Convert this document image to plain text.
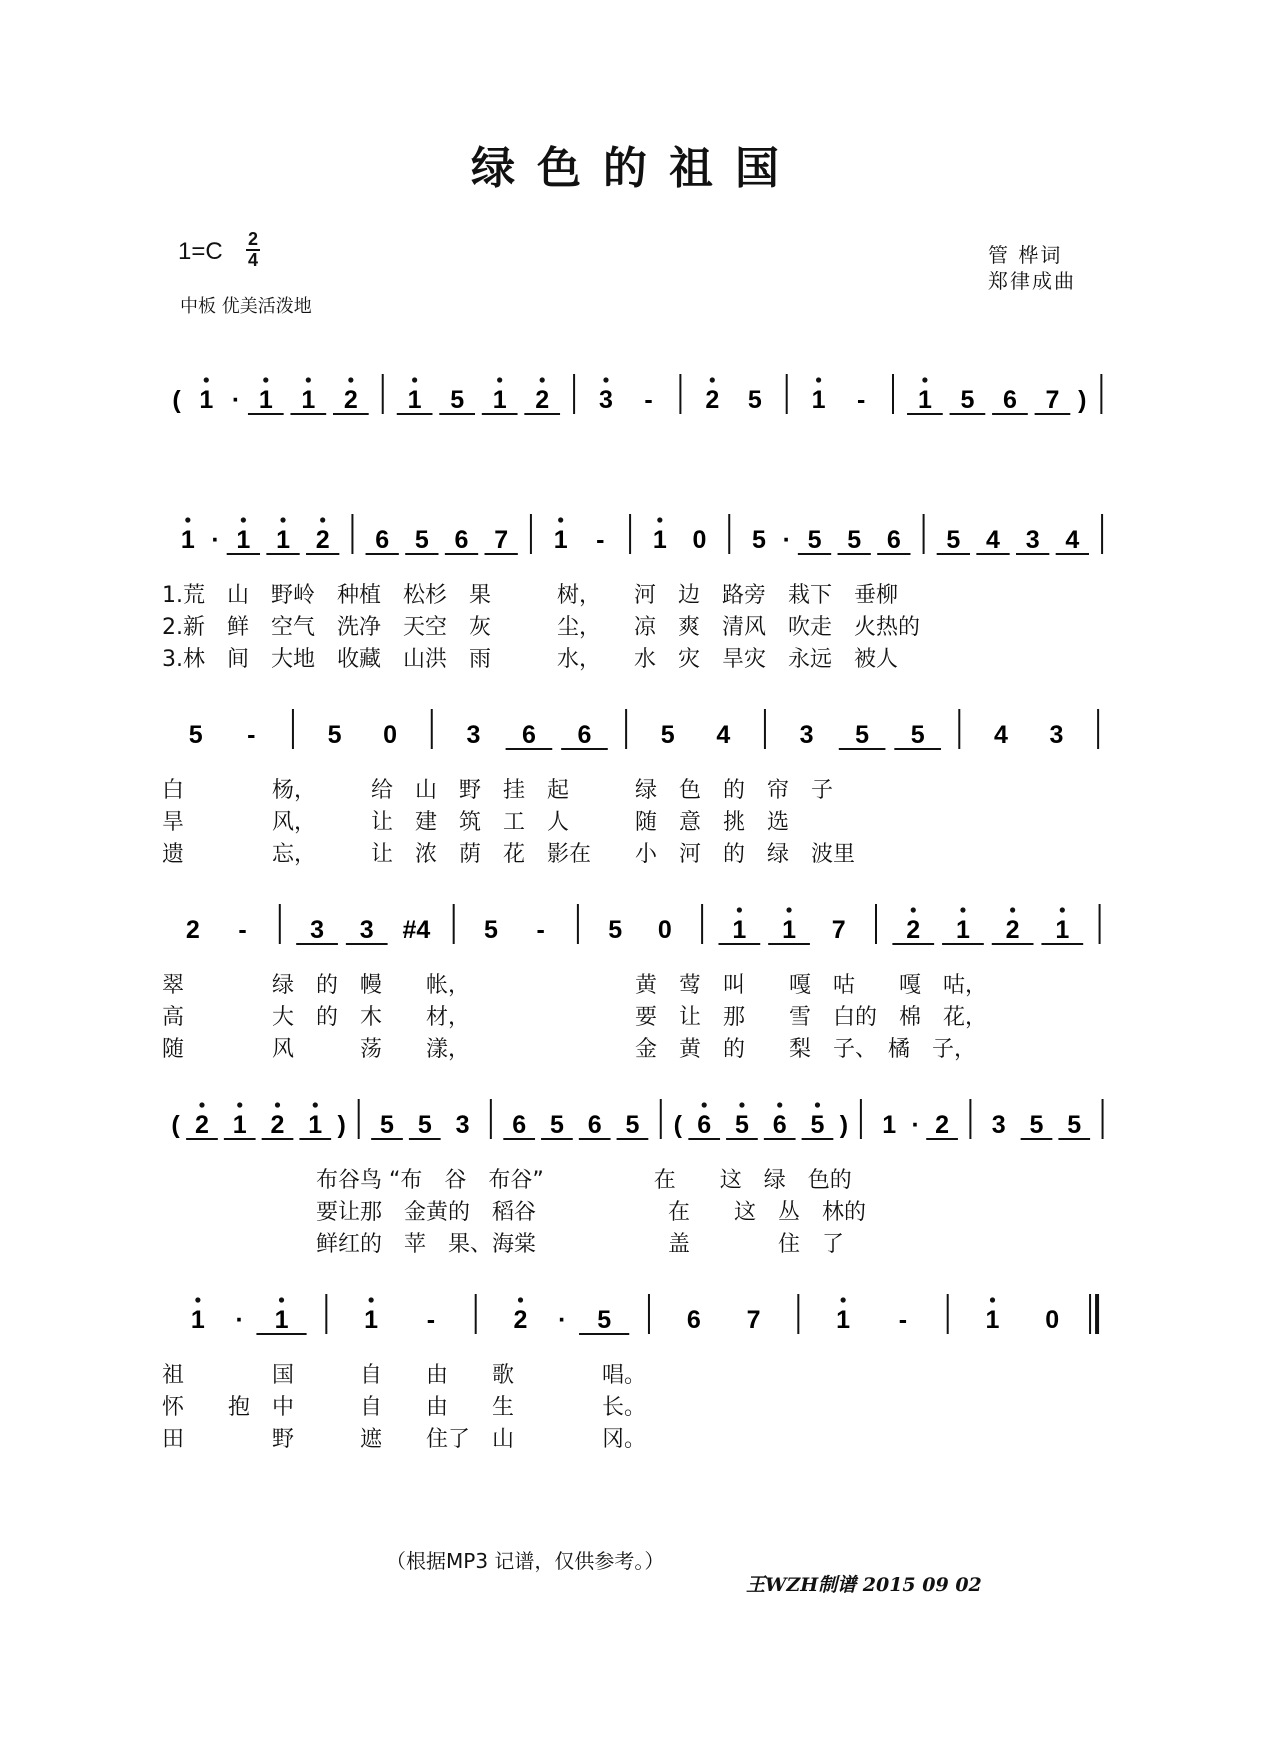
绿色的祖国
1=C 2
4
中板 优美活泼地
管 桦词
郑律成曲
( 1 · 1 1 2 1 5 1 2 3 - 2 5 1 - 1 5 6 7 )
1 · 1 1 2 6 5 6 7 1 - 1 0 5 · 5 5 6 5 4 3 4
1.荒　山　野岭　种植　松杉　果　　　树，　　河　边　路旁　栽下　垂柳
2.新　鲜　空气　洗净　天空　灰　　　尘，　　凉　爽　清风　吹走　火热的
3.林　间　大地　收藏　山洪　雨　　　水，　　水　灾　旱灾　永远　被人
5 -	5 0	3 6 6	5 4	3 5 5	4 3
白　　　　杨，　　　给　山　野　挂　起　　　绿　色　的　帘　子
旱　　　　风，　　　让　建　筑　工　人　　　随　意　挑　选
遗　　　　忘，　　　让　浓　荫　花　影在　　小　河　的　绿　波里
2 -	3 3 #4 5 -	5 0 1 1 7 2 1 2 1
翠　　　　绿　的　幔　　帐，　　　　　　　　黄　莺　叫　　嘎　咕　　嘎　咕，
高　　　　大　的　木　　材，　　　　　　　　要　让　那　　雪　白的　棉　花，
随　　　　风　　　荡　　漾，　　　　　　　　金　黄　的　　梨　子、　橘　子，
( 2 1 2 1 ) 5 5 3 6 5 6 5 ( 6 5 6 5 ) 1 · 2 3 5 5
　　　　　　　布谷鸟 “布　谷　布谷”　　　　　在　　这　绿　色的
　　　　　　　要让那　金黄的　稻谷　　　　　　在　　这　丛　林的
　　　　　　　鲜红的　苹　果、海棠　　　　　　盖　　　　住　了
1 · 1	1 -	2 · 5	6 7	1 -	1 0
祖　　　　国　　　自　　由　　歌　　　　唱。
怀　　抱　中　　　自　　由　　生　　　　长。
田　　　　野　　　遮　　住了　山　　　　冈。
（根据MP3 记谱，仅供参考。）
王WZH制谱 2015 09 02
